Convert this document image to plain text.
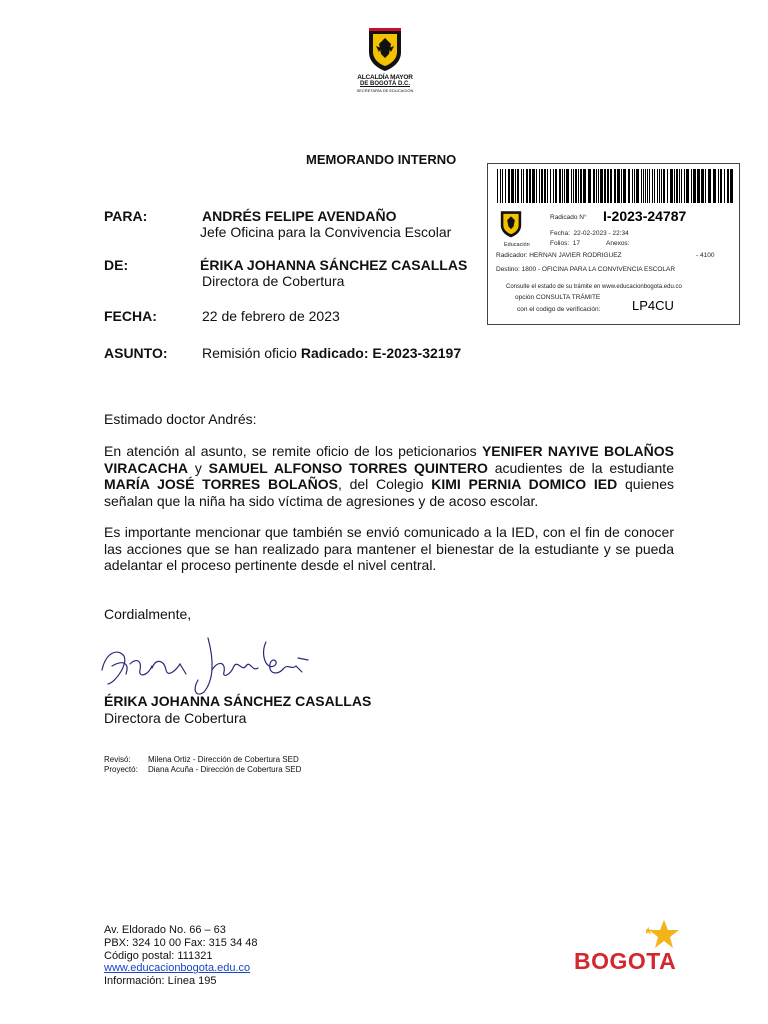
ALCALDÍA MAYOR
DE BOGOTÁ D.C.
SECRETARÍA DE EDUCACIÓN
MEMORANDO INTERNO
PARA:	ANDRÉS FELIPE AVENDAÑO
Jefe Oficina para la Convivencia Escolar
DE:	ÉRIKA JOHANNA SÁNCHEZ CASALLAS
Directora de Cobertura
FECHA:	22 de febrero de 2023
ASUNTO: Remisión oficio Radicado: E-2023-32197
Educación
Radicado N° I-2023-24787
Fecha: 22-02-2023 - 22:34
Folios: 17	Anexos:
Radicador: HERNAN JAVIER RODRIGUEZ	- 4100
Destino: 1800 - OFICINA PARA LA CONVIVENCIA ESCOLAR
Consulte el estado de su trámite en www.educacionbogota.edu.co
opción CONSULTA TRÁMITE
con el codigo de verificación: LP4CU
Estimado doctor Andrés:
En atención al asunto, se remite oficio de los peticionarios YENIFER NAYIVE BOLAÑOS VIRACACHA y SAMUEL ALFONSO TORRES QUINTERO acudientes de la estudiante MARÍA JOSÉ TORRES BOLAÑOS, del Colegio KIMI PERNIA DOMICO IED quienes señalan que la niña ha sido víctima de agresiones y de acoso escolar.
Es importante mencionar que también se envió comunicado a la IED, con el fin de conocer las acciones que se han realizado para mantener el bienestar de la estudiante y se pueda adelantar el proceso pertinente desde el nivel central.
Cordialmente,
ÉRIKA JOHANNA SÁNCHEZ CASALLAS
Directora de Cobertura
Revisó: Milena Ortiz - Dirección de Cobertura SED
Proyectó: Diana Acuña - Dirección de Cobertura SED
Av. Eldorado No. 66 – 63
PBX: 324 10 00 Fax: 315 34 48
Código postal: 111321
www.educacionbogota.edu.co
Información: Línea 195
BOGOTA
